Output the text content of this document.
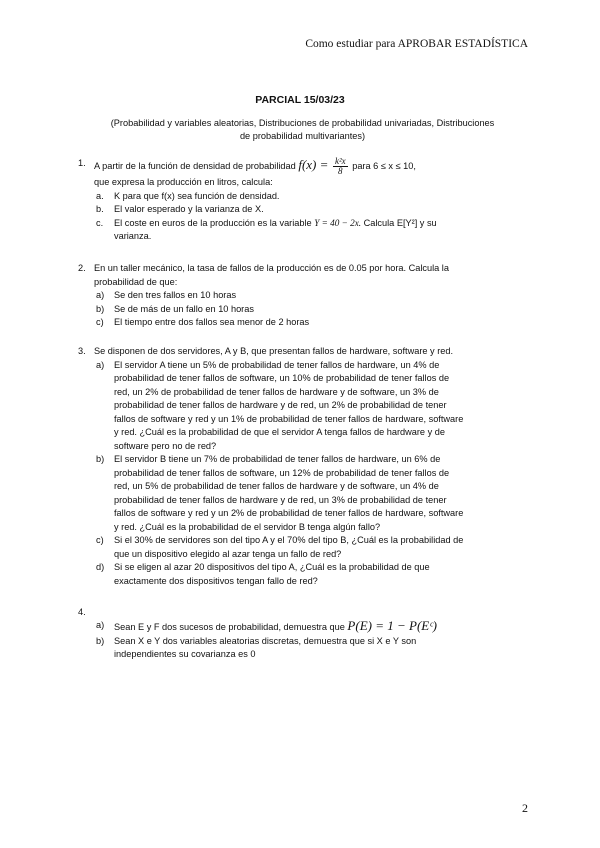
Como estudiar para APROBAR ESTADÍSTICA
PARCIAL 15/03/23
(Probabilidad y variables aleatorias, Distribuciones de probabilidad univariadas, Distribuciones de probabilidad multivariantes)
1. A partir de la función de densidad de probabilidad $f(x) = \frac{\text{k²x}}{8}$ para 6 ≤ x ≤ 10,
que expresa la producción en litros, calcula:
a.	K para que f(x) sea función de densidad.
b.	El valor esperado y la varianza de X.
c.	El coste en euros de la producción es la variable Y = 40 − 2x. Calcula E[Y²] y su varianza.
2. En un taller mecánico, la tasa de fallos de la producción es de 0.05 por hora. Calcula la probabilidad de que:
a)	Se den tres fallos en 10 horas
b)	Se de más de un fallo en 10 horas
c)	El tiempo entre dos fallos sea menor de 2 horas
3. Se disponen de dos servidores, A y B, que presentan fallos de hardware, software y red.
a)	El servidor A tiene un 5% de probabilidad de tener fallos de hardware, un 4% de probabilidad de tener fallos de software, un 10% de probabilidad de tener fallos de red, un 2% de probabilidad de tener fallos de hardware y de software, un 3% de probabilidad de tener fallos de hardware y de red, un 2% de probabilidad de tener fallos de software y red y un 1% de probabilidad de tener fallos de hardware, software y red. ¿Cuál es la probabilidad de que el servidor A tenga fallos de hardware y de software pero no de red?
b)	El servidor B tiene un 7% de probabilidad de tener fallos de hardware, un 6% de probabilidad de tener fallos de software, un 12% de probabilidad de tener fallos de red, un 5% de probabilidad de tener fallos de hardware y de software, un 4% de probabilidad de tener fallos de hardware y de red, un 3% de probabilidad de tener fallos de software y red y un 2% de probabilidad de tener fallos de hardware, software y red. ¿Cuál es la probabilidad de el servidor B tenga algún fallo?
c)	Si el 30% de servidores son del tipo A y el 70% del tipo B, ¿Cuál es la probabilidad de que un dispositivo elegido al azar tenga un fallo de red?
d)	Si se eligen al azar 20 dispositivos del tipo A, ¿Cuál es la probabilidad de que exactamente dos dispositivos tengan fallo de red?
4.
a)	Sean E y F dos sucesos de probabilidad, demuestra que P(E) = 1 − P(Eᶜ)
b)	Sean X e Y dos variables aleatorias discretas, demuestra que si X e Y son independientes su covarianza es 0
2
